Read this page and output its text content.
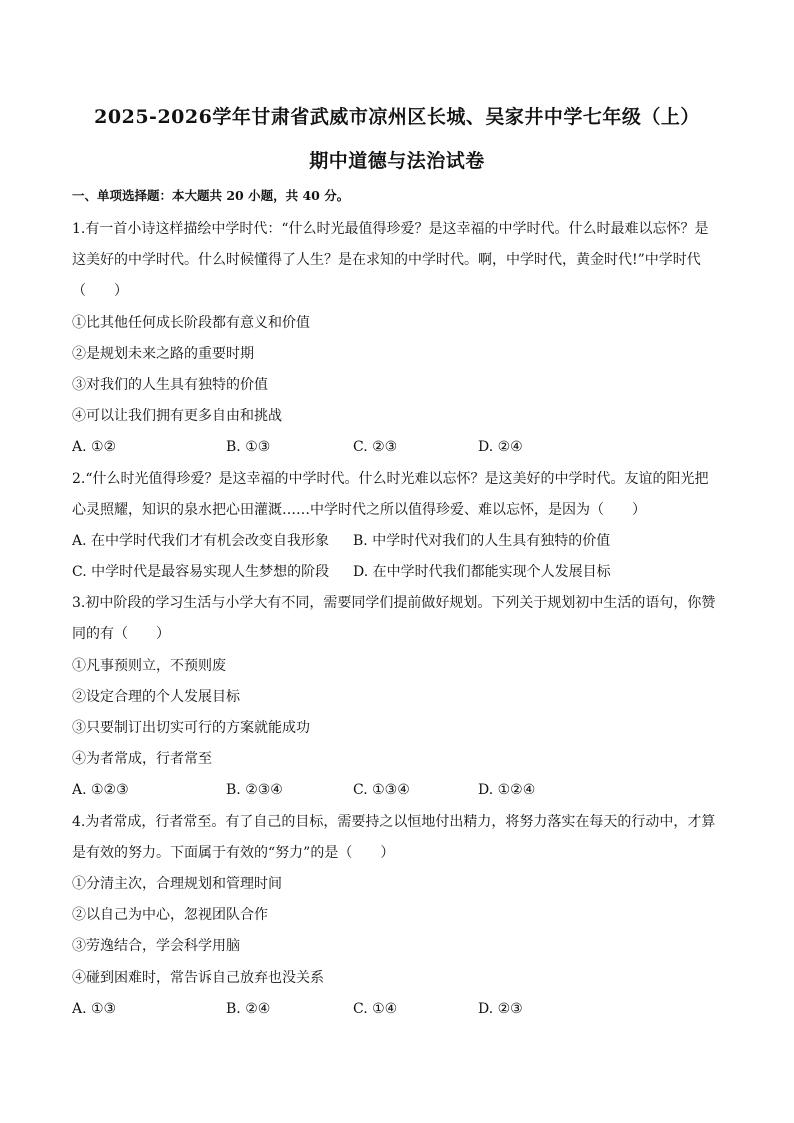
2025-2026学年甘肃省武威市凉州区长城、吴家井中学七年级（上）
期中道德与法治试卷
一、单项选择题：本大题共 20 小题，共 40 分。
1.有一首小诗这样描绘中学时代：“什么时光最值得珍爱？是这幸福的中学时代。什么时最难以忘怀？是
这美好的中学时代。什么时候懂得了人生？是在求知的中学时代。啊，中学时代，黄金时代!”中学时代
（　　）
①比其他任何成长阶段都有意义和价值
②是规划未来之路的重要时期
③对我们的人生具有独特的价值
④可以让我们拥有更多自由和挑战
A. ①②	B. ①③	C. ②③	D. ②④
2.“什么时光值得珍爱？是这幸福的中学时代。什么时光难以忘怀？是这美好的中学时代。友谊的阳光把
心灵照耀，知识的泉水把心田灌溉……中学时代之所以值得珍爱、难以忘怀，是因为（　　）
A. 在中学时代我们才有机会改变自我形象 B. 中学时代对我们的人生具有独特的价值
C. 中学时代是最容易实现人生梦想的阶段 D. 在中学时代我们都能实现个人发展目标
3.初中阶段的学习生活与小学大有不同，需要同学们提前做好规划。下列关于规划初中生活的语句，你赞
同的有（　　）
①凡事预则立，不预则废
②设定合理的个人发展目标
③只要制订出切实可行的方案就能成功
④为者常成，行者常至
A. ①②③	B. ②③④	C. ①③④	D. ①②④
4.为者常成，行者常至。有了自己的目标，需要持之以恒地付出精力，将努力落实在每天的行动中，才算
是有效的努力。下面属于有效的“努力”的是（　　）
①分清主次，合理规划和管理时间
②以自己为中心，忽视团队合作
③劳逸结合，学会科学用脑
④碰到困难时，常告诉自己放弃也没关系
A. ①③	B. ②④	C. ①④	D. ②③
